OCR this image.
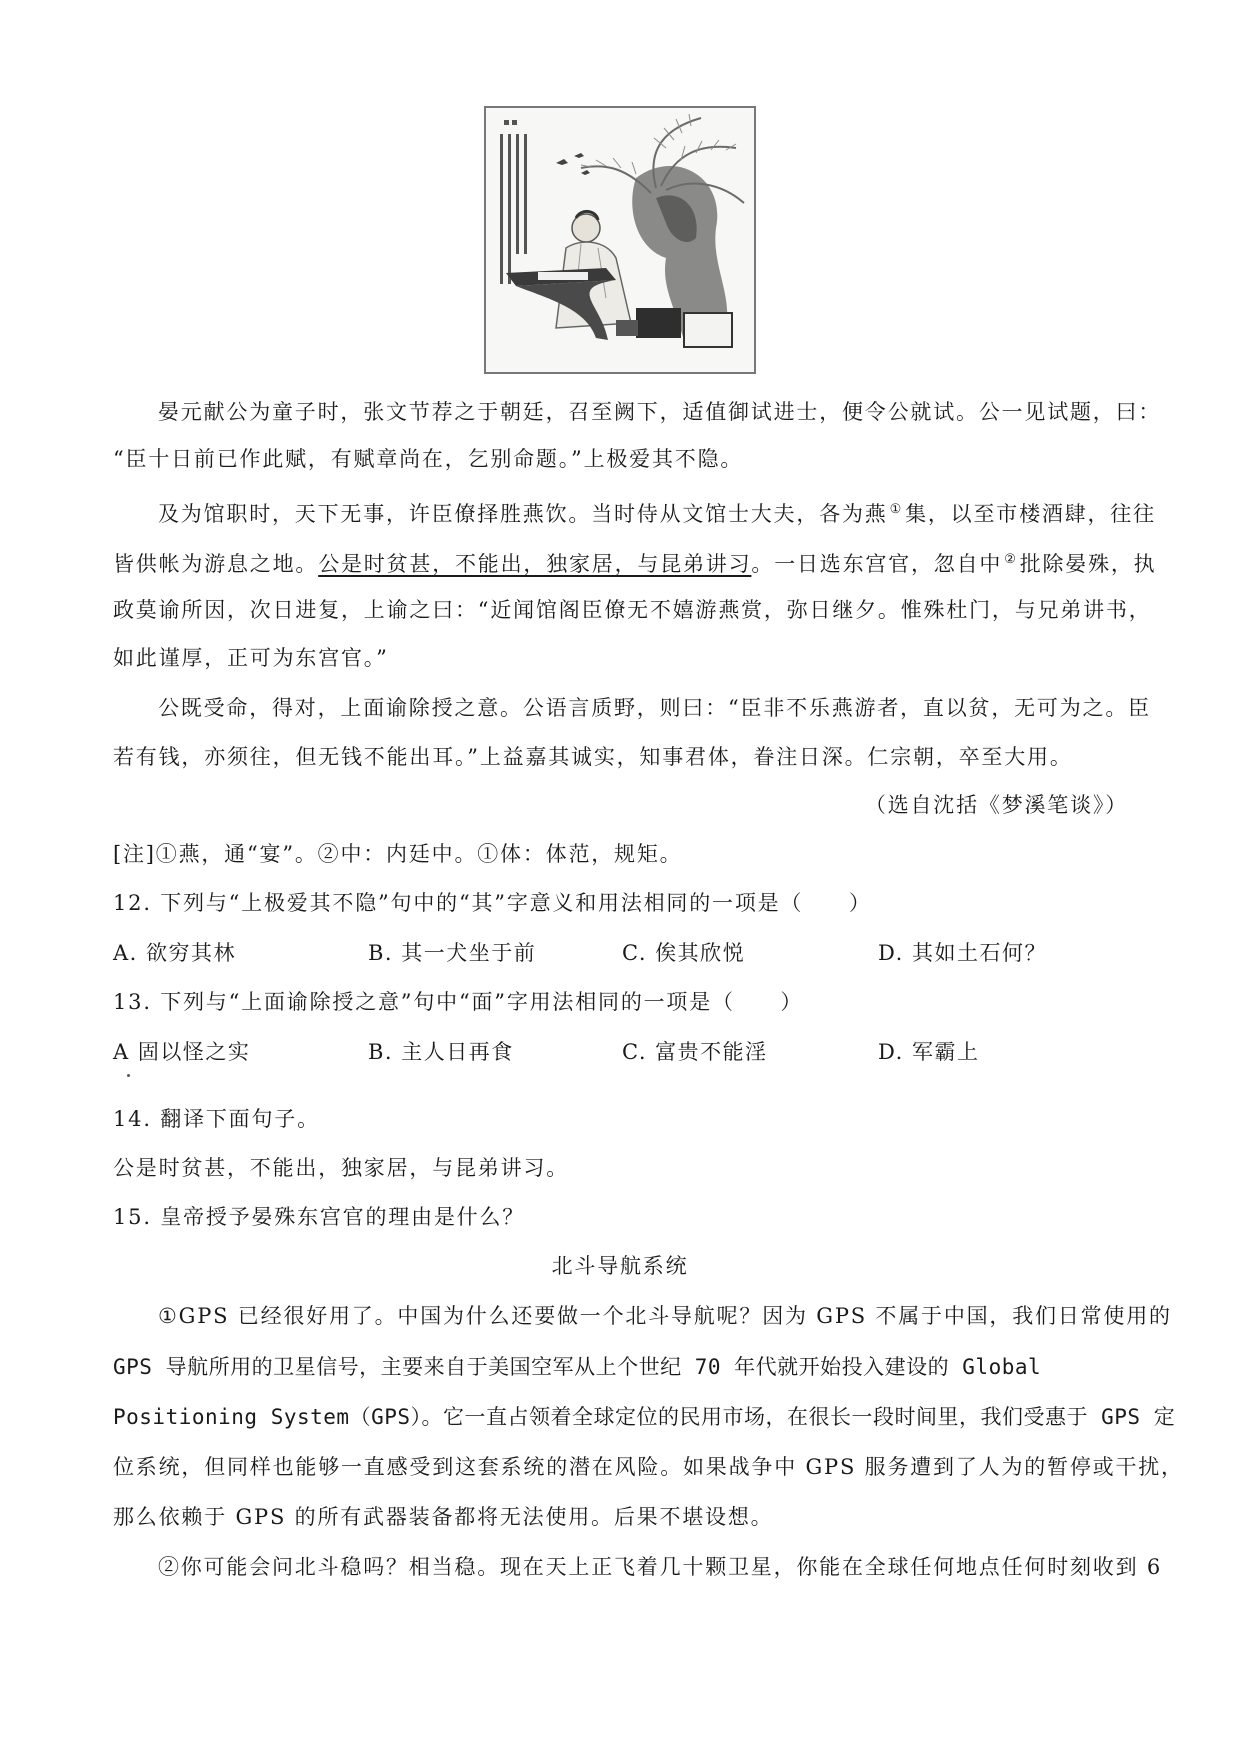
晏元献公为童子时，张文节荐之于朝廷，召至阙下，适值御试进士，便令公就试。公一见试题，曰：
“臣十日前已作此赋，有赋章尚在，乞别命题。”上极爱其不隐。
及为馆职时，天下无事，许臣僚择胜燕饮。当时侍从文馆士大夫，各为燕 ①集，以至市楼酒肆，往往
皆供帐为游息之地。公是时贫甚，不能出，独家居，与昆弟讲习。一日选东宫官，忽自中 ②批除晏殊，执
政莫谕所因，次日进复，上谕之曰：“近闻馆阁臣僚无不嬉游燕赏，弥日继夕。惟殊杜门，与兄弟讲书，
如此谨厚，正可为东宫官。”
公既受命，得对，上面谕除授之意。公语言质野，则曰：“臣非不乐燕游者，直以贫，无可为之。臣
若有钱，亦须往，但无钱不能出耳。”上益嘉其诚实，知事君体，眷注日深。仁宗朝，卒至大用。
（选自沈括《梦溪笔谈》）
[注]①燕，通“宴”。②中：内廷中。①体：体范，规矩。
12. 下列与“上极爱其不隐”句中的“其”字意义和用法相同的一项是（　　）
A. 欲穷其林	B. 其一犬坐于前	C. 俟其欣悦	D. 其如土石何？
13. 下列与“上面谕除授之意”句中“面”字用法相同的一项是（　　）
A 固以怪之实	B. 主人日再食	C. 富贵不能淫	D. 军霸上
14. 翻译下面句子。
公是时贫甚，不能出，独家居，与昆弟讲习。
15. 皇帝授予晏殊东宫官的理由是什么？
北斗导航系统
①GPS 已经很好用了。中国为什么还要做一个北斗导航呢？因为 GPS 不属于中国，我们日常使用的
GPS 导航所用的卫星信号，主要来自于美国空军从上个世纪 70 年代就开始投入建设的 Global
Positioning System（GPS）。它一直占领着全球定位的民用市场，在很长一段时间里，我们受惠于 GPS 定
位系统，但同样也能够一直感受到这套系统的潜在风险。如果战争中 GPS 服务遭到了人为的暂停或干扰，
那么依赖于 GPS 的所有武器装备都将无法使用。后果不堪设想。
②你可能会问北斗稳吗？相当稳。现在天上正飞着几十颗卫星，你能在全球任何地点任何时刻收到 6
